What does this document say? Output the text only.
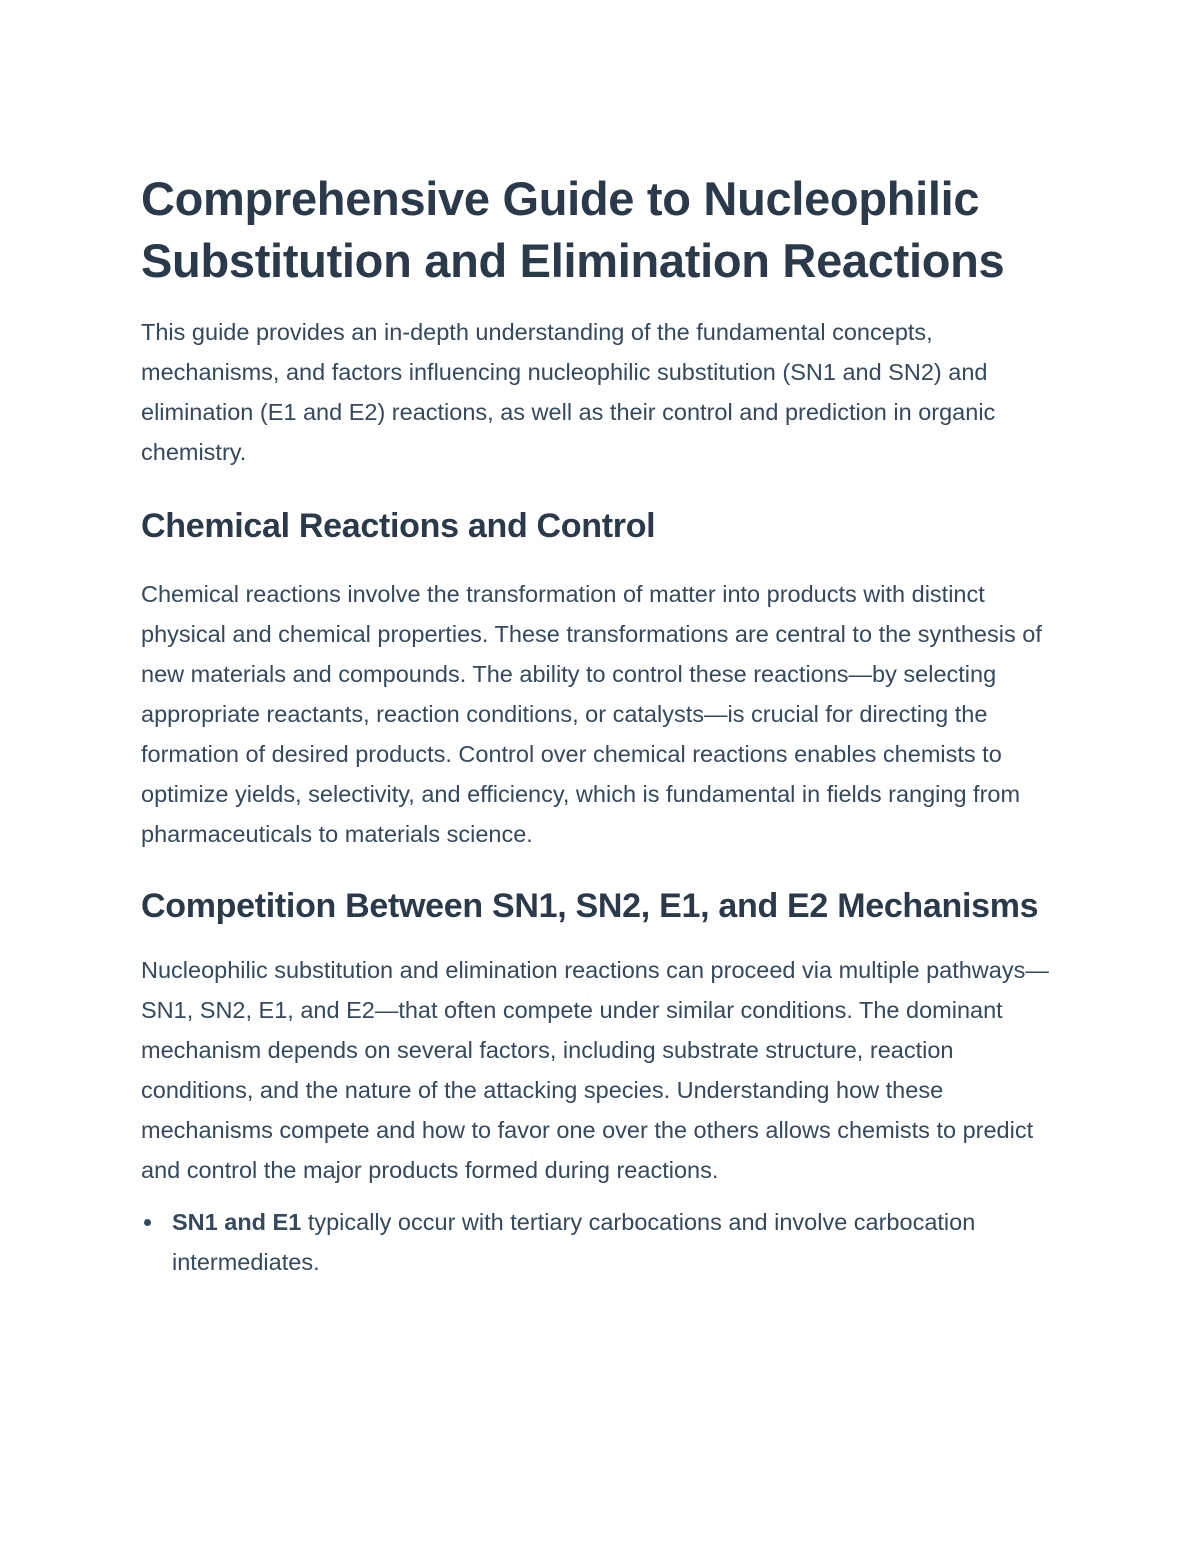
Comprehensive Guide to Nucleophilic Substitution and Elimination Reactions

This guide provides an in-depth understanding of the fundamental concepts, mechanisms, and factors influencing nucleophilic substitution (SN1 and SN2) and elimination (E1 and E2) reactions, as well as their control and prediction in organic chemistry.

Chemical Reactions and Control

Chemical reactions involve the transformation of matter into products with distinct physical and chemical properties. These transformations are central to the synthesis of new materials and compounds. The ability to control these reactions—by selecting appropriate reactants, reaction conditions, or catalysts—is crucial for directing the formation of desired products. Control over chemical reactions enables chemists to optimize yields, selectivity, and efficiency, which is fundamental in fields ranging from pharmaceuticals to materials science.

Competition Between SN1, SN2, E1, and E2 Mechanisms

Nucleophilic substitution and elimination reactions can proceed via multiple pathways—SN1, SN2, E1, and E2—that often compete under similar conditions. The dominant mechanism depends on several factors, including substrate structure, reaction conditions, and the nature of the attacking species. Understanding how these mechanisms compete and how to favor one over the others allows chemists to predict and control the major products formed during reactions.

SN1 and E1 typically occur with tertiary carbocations and involve carbocation intermediates.
